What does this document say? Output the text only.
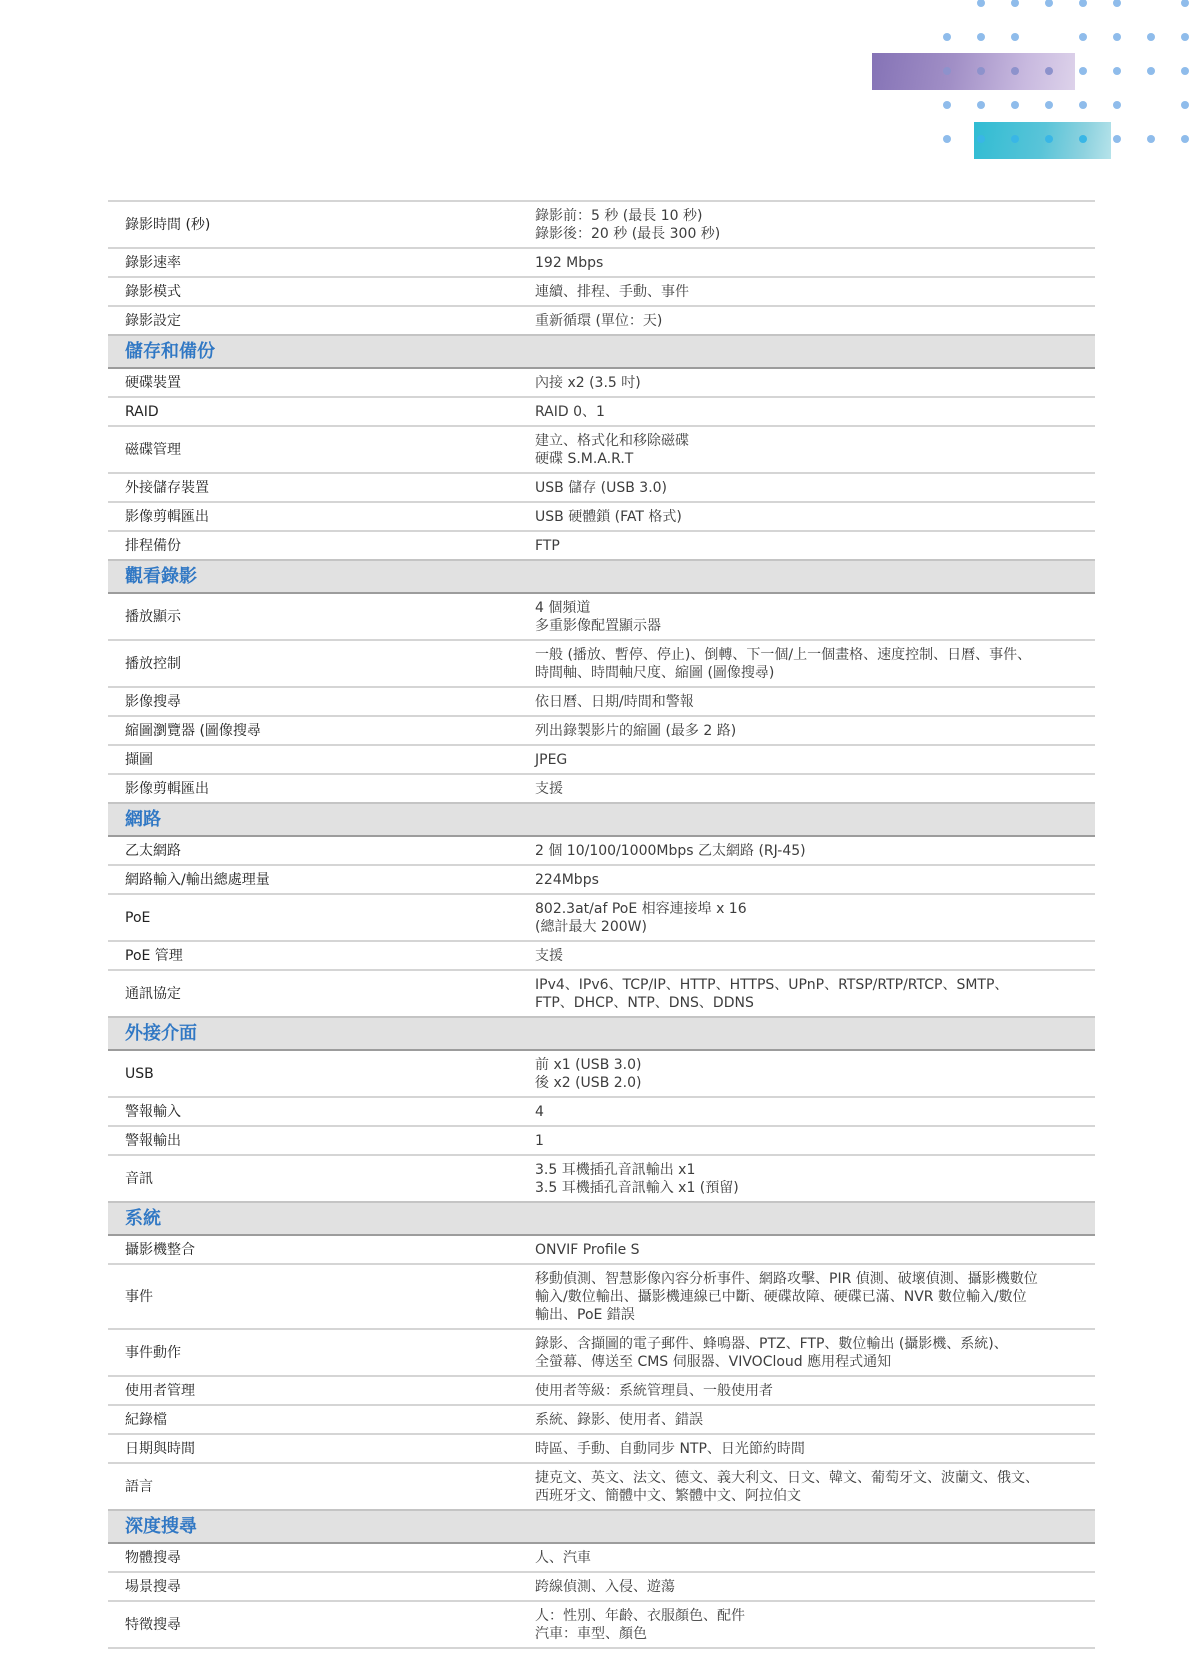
錄影時間 (秒)	錄影前：5 秒 (最長 10 秒)
錄影後：20 秒 (最長 300 秒)

錄影速率	192 Mbps

錄影模式	連續、排程、手動、事件

錄影設定	重新循環 (單位：天)

儲存和備份	
硬碟裝置	內接 x2 (3.5 吋)

RAID	RAID 0、1

磁碟管理	建立、格式化和移除磁碟
硬碟 S.M.A.R.T

外接儲存裝置	USB 儲存 (USB 3.0)

影像剪輯匯出	USB 硬體鎖 (FAT 格式)

排程備份	FTP

觀看錄影	
播放顯示	4 個頻道
多重影像配置顯示器

播放控制	一般 (播放、暫停、停止)、倒轉、下一個/上一個畫格、速度控制、日曆、事件、
時間軸、時間軸尺度、縮圖 (圖像搜尋)

影像搜尋	依日曆、日期/時間和警報

縮圖瀏覽器 (圖像搜尋	列出錄製影片的縮圖 (最多 2 路)

擷圖	JPEG

影像剪輯匯出	支援

網路	
乙太網路	2 個 10/100/1000Mbps 乙太網路 (RJ-45)

網路輸入/輸出總處理量	224Mbps

PoE	802.3at/af PoE 相容連接埠 x 16
(總計最大 200W)

PoE 管理	支援

通訊協定	IPv4、IPv6、TCP/IP、HTTP、HTTPS、UPnP、RTSP/RTP/RTCP、SMTP、
FTP、DHCP、NTP、DNS、DDNS

外接介面	
USB	前 x1 (USB 3.0)
後 x2 (USB 2.0)

警報輸入	4

警報輸出	1

音訊	3.5 耳機插孔音訊輸出 x1
3.5 耳機插孔音訊輸入 x1 (預留)

系統	
攝影機整合	ONVIF Profile S

事件	移動偵測、智慧影像內容分析事件、網路攻擊、PIR 偵測、破壞偵測、攝影機數位
輸入/數位輸出、攝影機連線已中斷、硬碟故障、硬碟已滿、NVR 數位輸入/數位
輸出、PoE 錯誤

事件動作	錄影、含擷圖的電子郵件、蜂鳴器、PTZ、FTP、數位輸出 (攝影機、系統)、
全螢幕、傳送至 CMS 伺服器、VIVOCloud 應用程式通知

使用者管理	使用者等級：系統管理員、一般使用者

紀錄檔	系統、錄影、使用者、錯誤

日期與時間	時區、手動、自動同步 NTP、日光節約時間

語言	捷克文、英文、法文、德文、義大利文、日文、韓文、葡萄牙文、波蘭文、俄文、
西班牙文、簡體中文、繁體中文、阿拉伯文

深度搜尋	
物體搜尋	人、汽車

場景搜尋	跨線偵測、入侵、遊蕩

特徵搜尋	人：性別、年齡、衣服顏色、配件
汽車：車型、顏色
